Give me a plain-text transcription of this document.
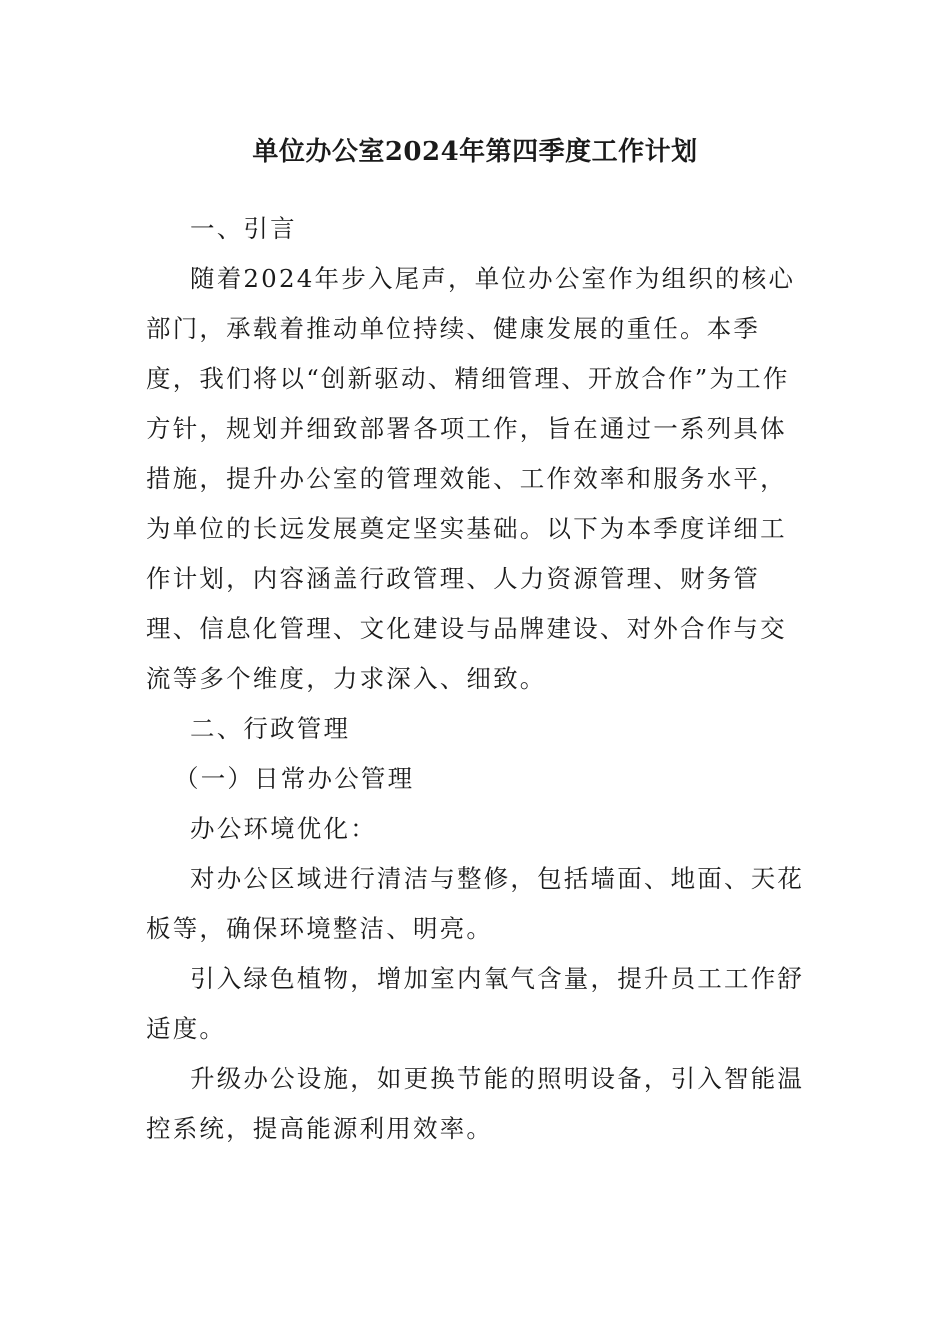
单位办公室2024年第四季度工作计划

一、引言

随着2024年步入尾声，单位办公室作为组织的核心部门，承载着推动单位持续、健康发展的重任。本季度，我们将以“创新驱动、精细管理、开放合作”为工作方针，规划并细致部署各项工作，旨在通过一系列具体措施，提升办公室的管理效能、工作效率和服务水平，为单位的长远发展奠定坚实基础。以下为本季度详细工作计划，内容涵盖行政管理、人力资源管理、财务管理、信息化管理、文化建设与品牌建设、对外合作与交流等多个维度，力求深入、细致。

二、行政管理

（一）日常办公管理

办公环境优化：

对办公区域进行清洁与整修，包括墙面、地面、天花板等，确保环境整洁、明亮。

引入绿色植物，增加室内氧气含量，提升员工工作舒适度。

升级办公设施，如更换节能的照明设备，引入智能温控系统，提高能源利用效率。
